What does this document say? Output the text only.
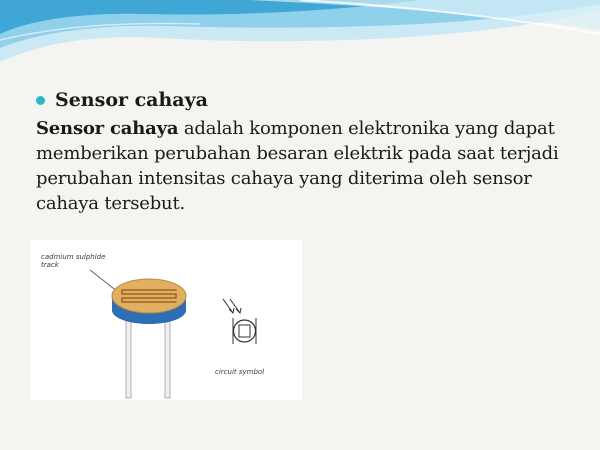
Sensor cahaya

Sensor cahaya adalah komponen elektronika yang dapat memberikan perubahan besaran elektrik pada saat terjadi perubahan intensitas cahaya yang diterima oleh sensor cahaya tersebut.

cadmium sulphide track
circuit symbol
